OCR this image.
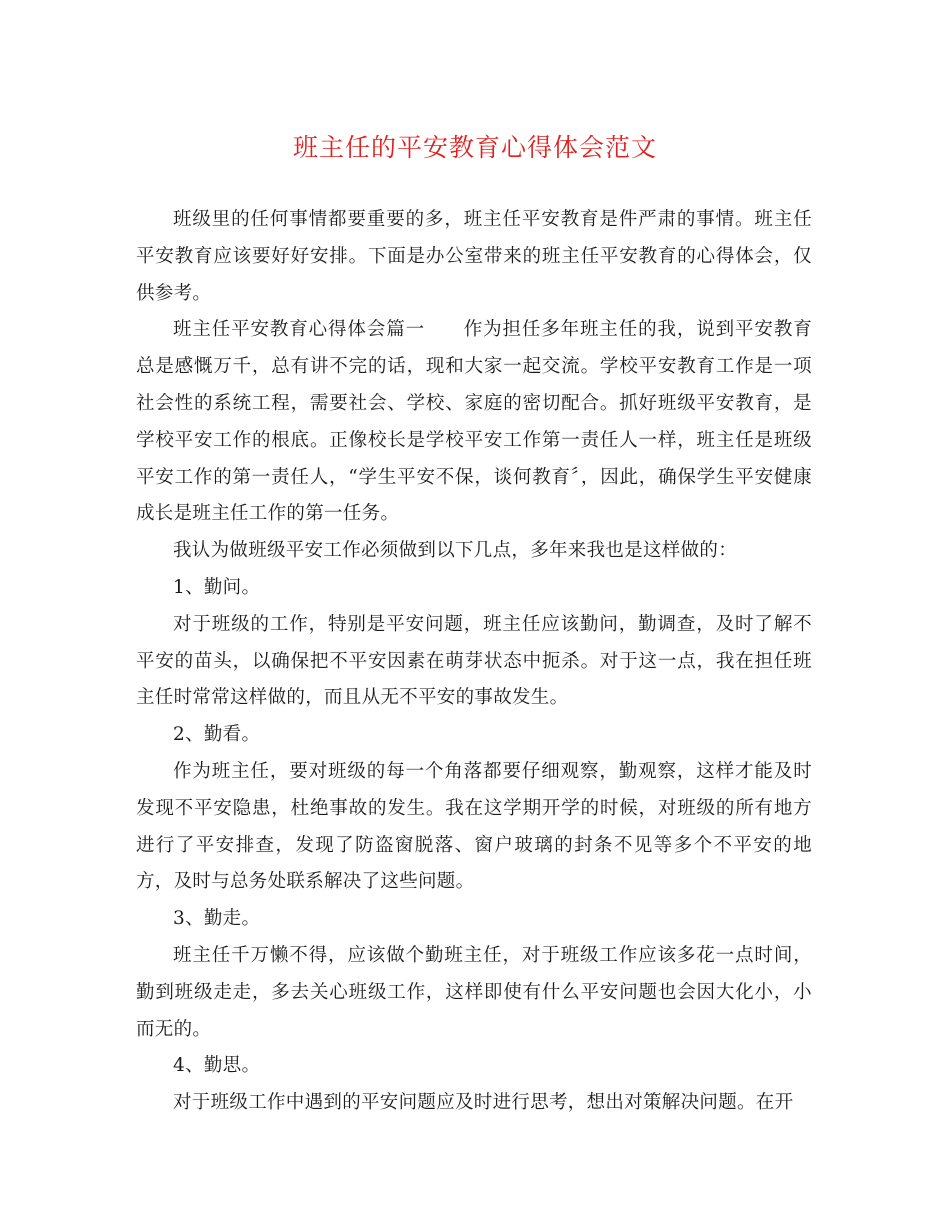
班主任的平安教育心得体会范文

班级里的任何事情都要重要的多，班主任平安教育是件严肃的事情。班主任平安教育应该要好好安排。下面是办公室带来的班主任平安教育的心得体会，仅供参考。

班主任平安教育心得体会篇一　　作为担任多年班主任的我，说到平安教育总是感慨万千，总有讲不完的话，现和大家一起交流。学校平安教育工作是一项社会性的系统工程，需要社会、学校、家庭的密切配合。抓好班级平安教育，是学校平安工作的根底。正像校长是学校平安工作第一责任人一样，班主任是班级平安工作的第一责任人，“学生平安不保，谈何教育〞，因此，确保学生平安健康成长是班主任工作的第一任务。

我认为做班级平安工作必须做到以下几点，多年来我也是这样做的：

1、勤问。

对于班级的工作，特别是平安问题，班主任应该勤问，勤调查，及时了解不平安的苗头，以确保把不平安因素在萌芽状态中扼杀。对于这一点，我在担任班主任时常常这样做的，而且从无不平安的事故发生。

2、勤看。

作为班主任，要对班级的每一个角落都要仔细观察，勤观察，这样才能及时发现不平安隐患，杜绝事故的发生。我在这学期开学的时候，对班级的所有地方进行了平安排查，发现了防盗窗脱落、窗户玻璃的封条不见等多个不平安的地方，及时与总务处联系解决了这些问题。

3、勤走。

班主任千万懒不得，应该做个勤班主任，对于班级工作应该多花一点时间，勤到班级走走，多去关心班级工作，这样即使有什么平安问题也会因大化小，小而无的。

4、勤思。

对于班级工作中遇到的平安问题应及时进行思考，想出对策解决问题。在开
